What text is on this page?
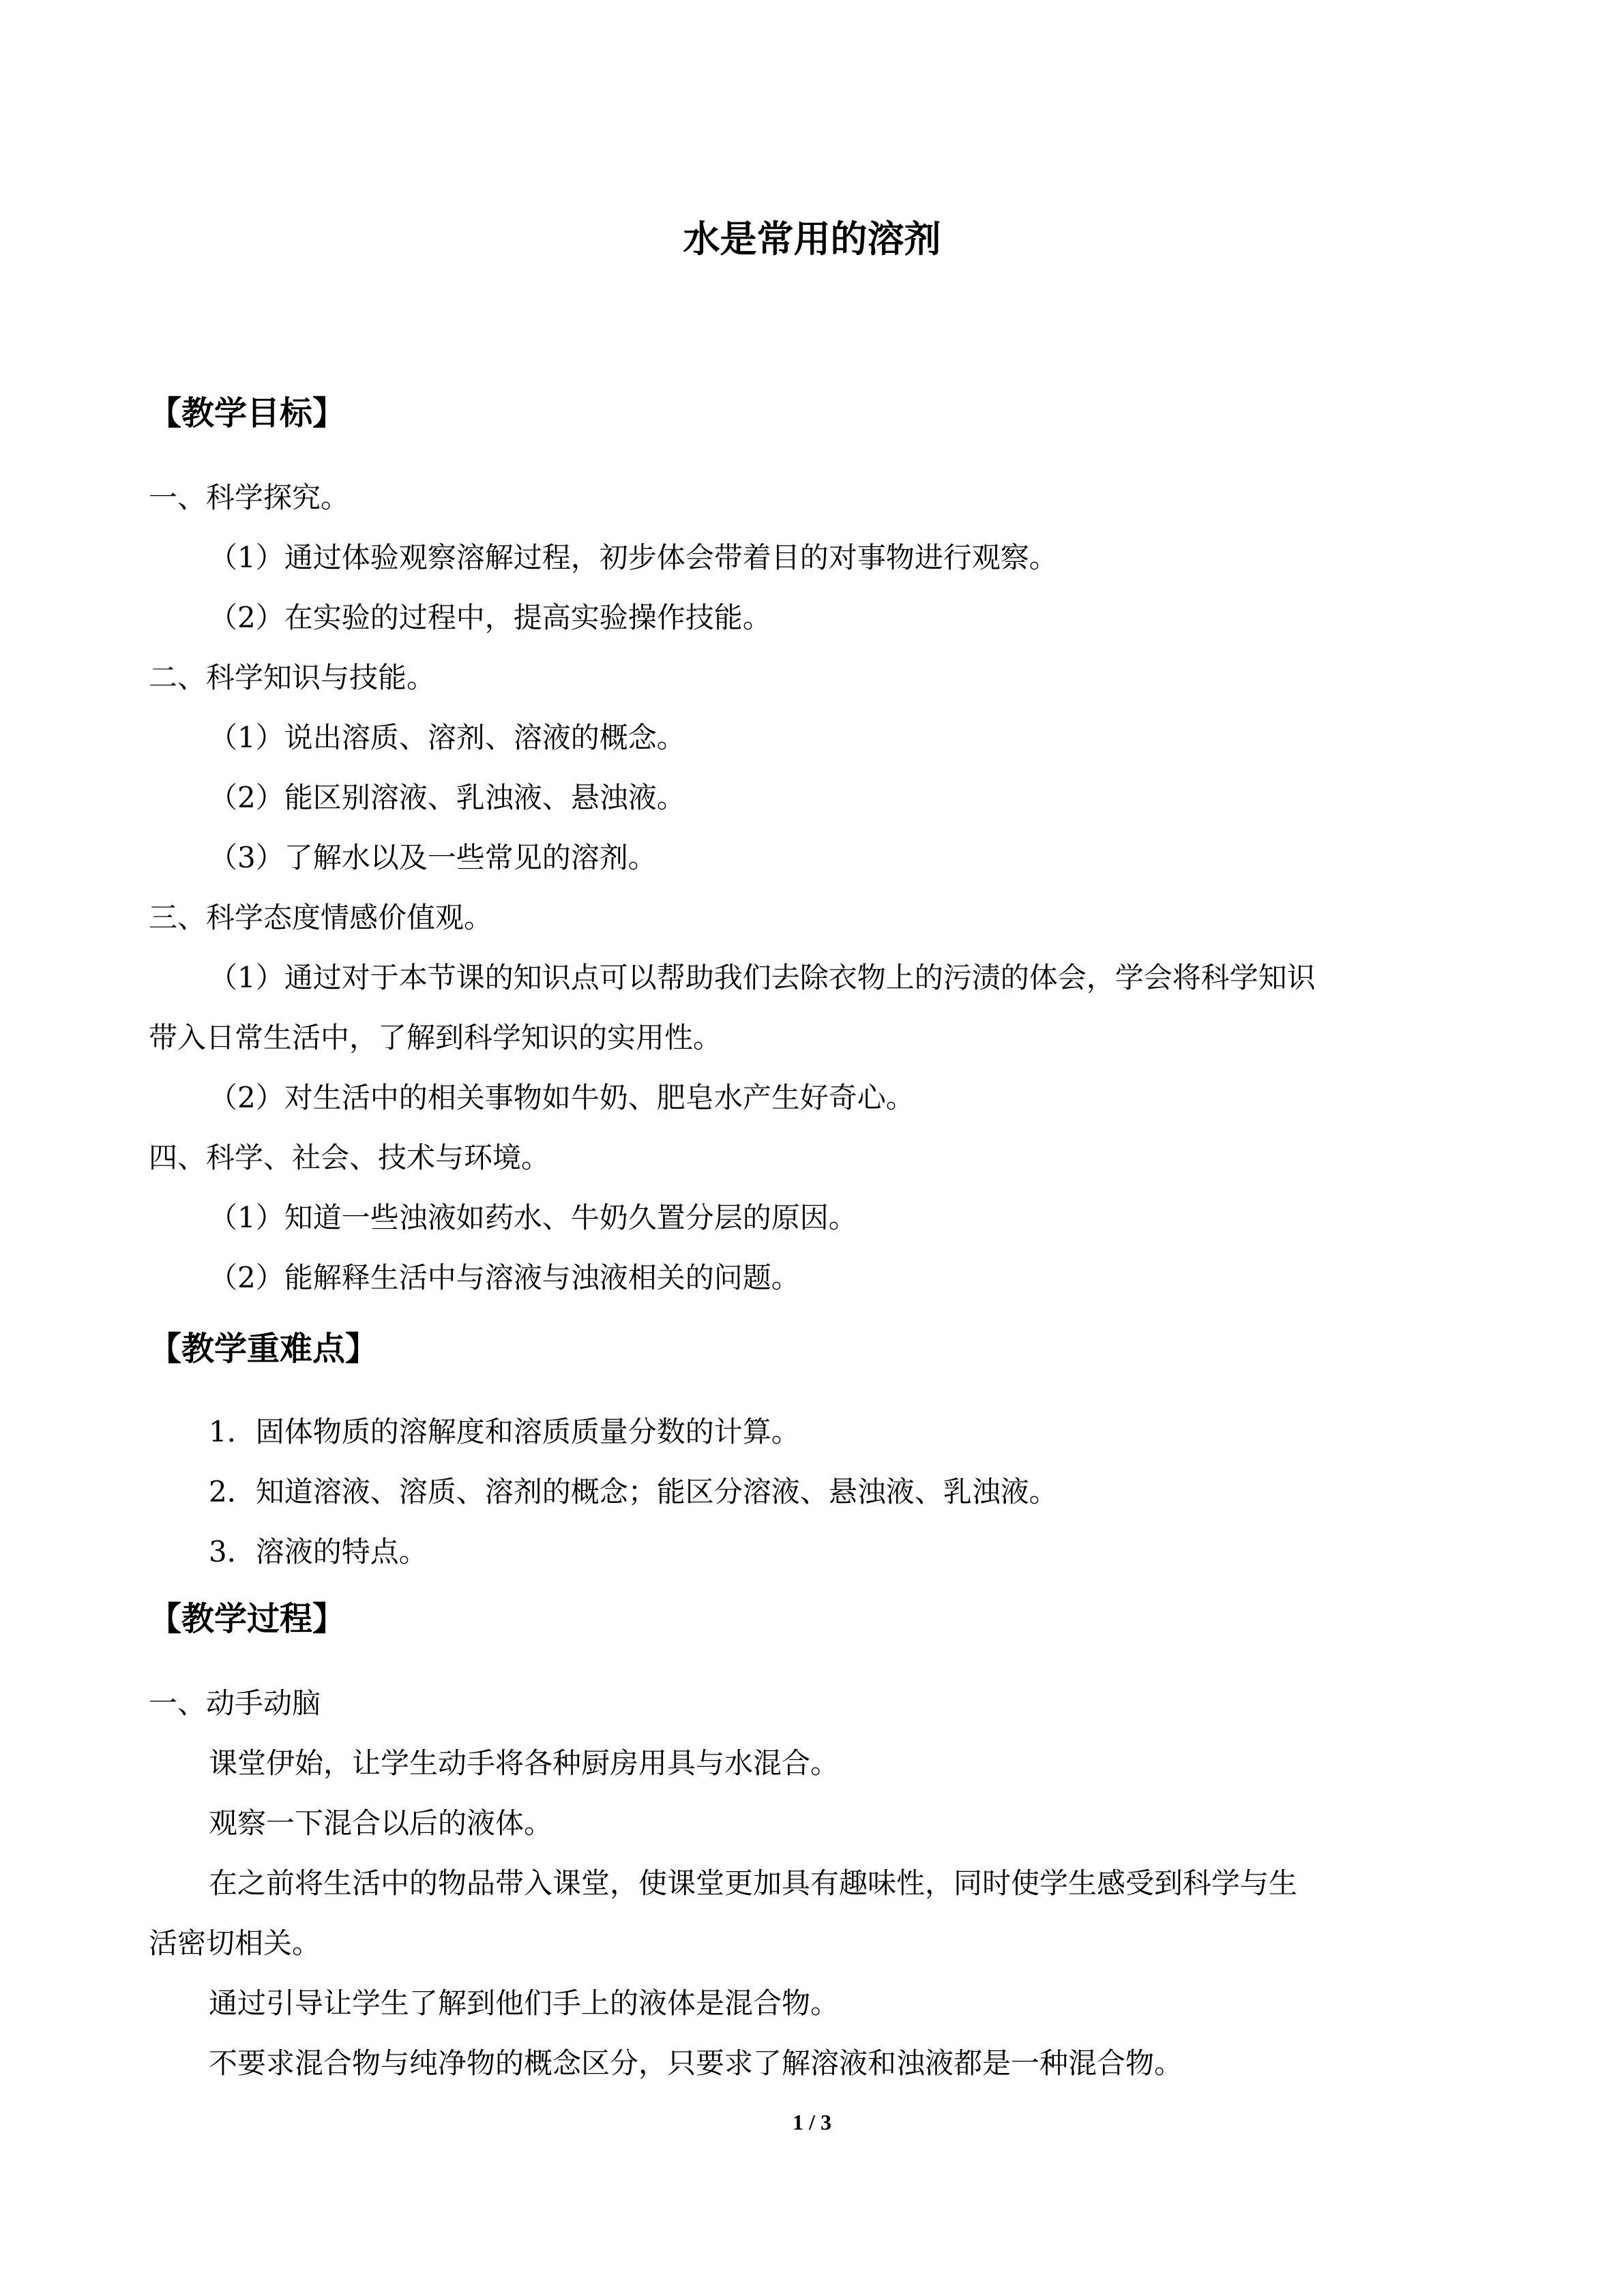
水是常用的溶剂
【教学目标】
一、科学探究。
（1）通过体验观察溶解过程，初步体会带着目的对事物进行观察。
（2）在实验的过程中，提高实验操作技能。
二、科学知识与技能。
（1）说出溶质、溶剂、溶液的概念。
（2）能区别溶液、乳浊液、悬浊液。
（3）了解水以及一些常见的溶剂。
三、科学态度情感价值观。
（1）通过对于本节课的知识点可以帮助我们去除衣物上的污渍的体会，学会将科学知识
带入日常生活中，了解到科学知识的实用性。
（2）对生活中的相关事物如牛奶、肥皂水产生好奇心。
四、科学、社会、技术与环境。
（1）知道一些浊液如药水、牛奶久置分层的原因。
（2）能解释生活中与溶液与浊液相关的问题。
【教学重难点】
1．固体物质的溶解度和溶质质量分数的计算。
2．知道溶液、溶质、溶剂的概念；能区分溶液、悬浊液、乳浊液。
3．溶液的特点。
【教学过程】
一、动手动脑
课堂伊始，让学生动手将各种厨房用具与水混合。
观察一下混合以后的液体。
在之前将生活中的物品带入课堂，使课堂更加具有趣味性，同时使学生感受到科学与生
活密切相关。
通过引导让学生了解到他们手上的液体是混合物。
不要求混合物与纯净物的概念区分，只要求了解溶液和浊液都是一种混合物。
1 / 3
